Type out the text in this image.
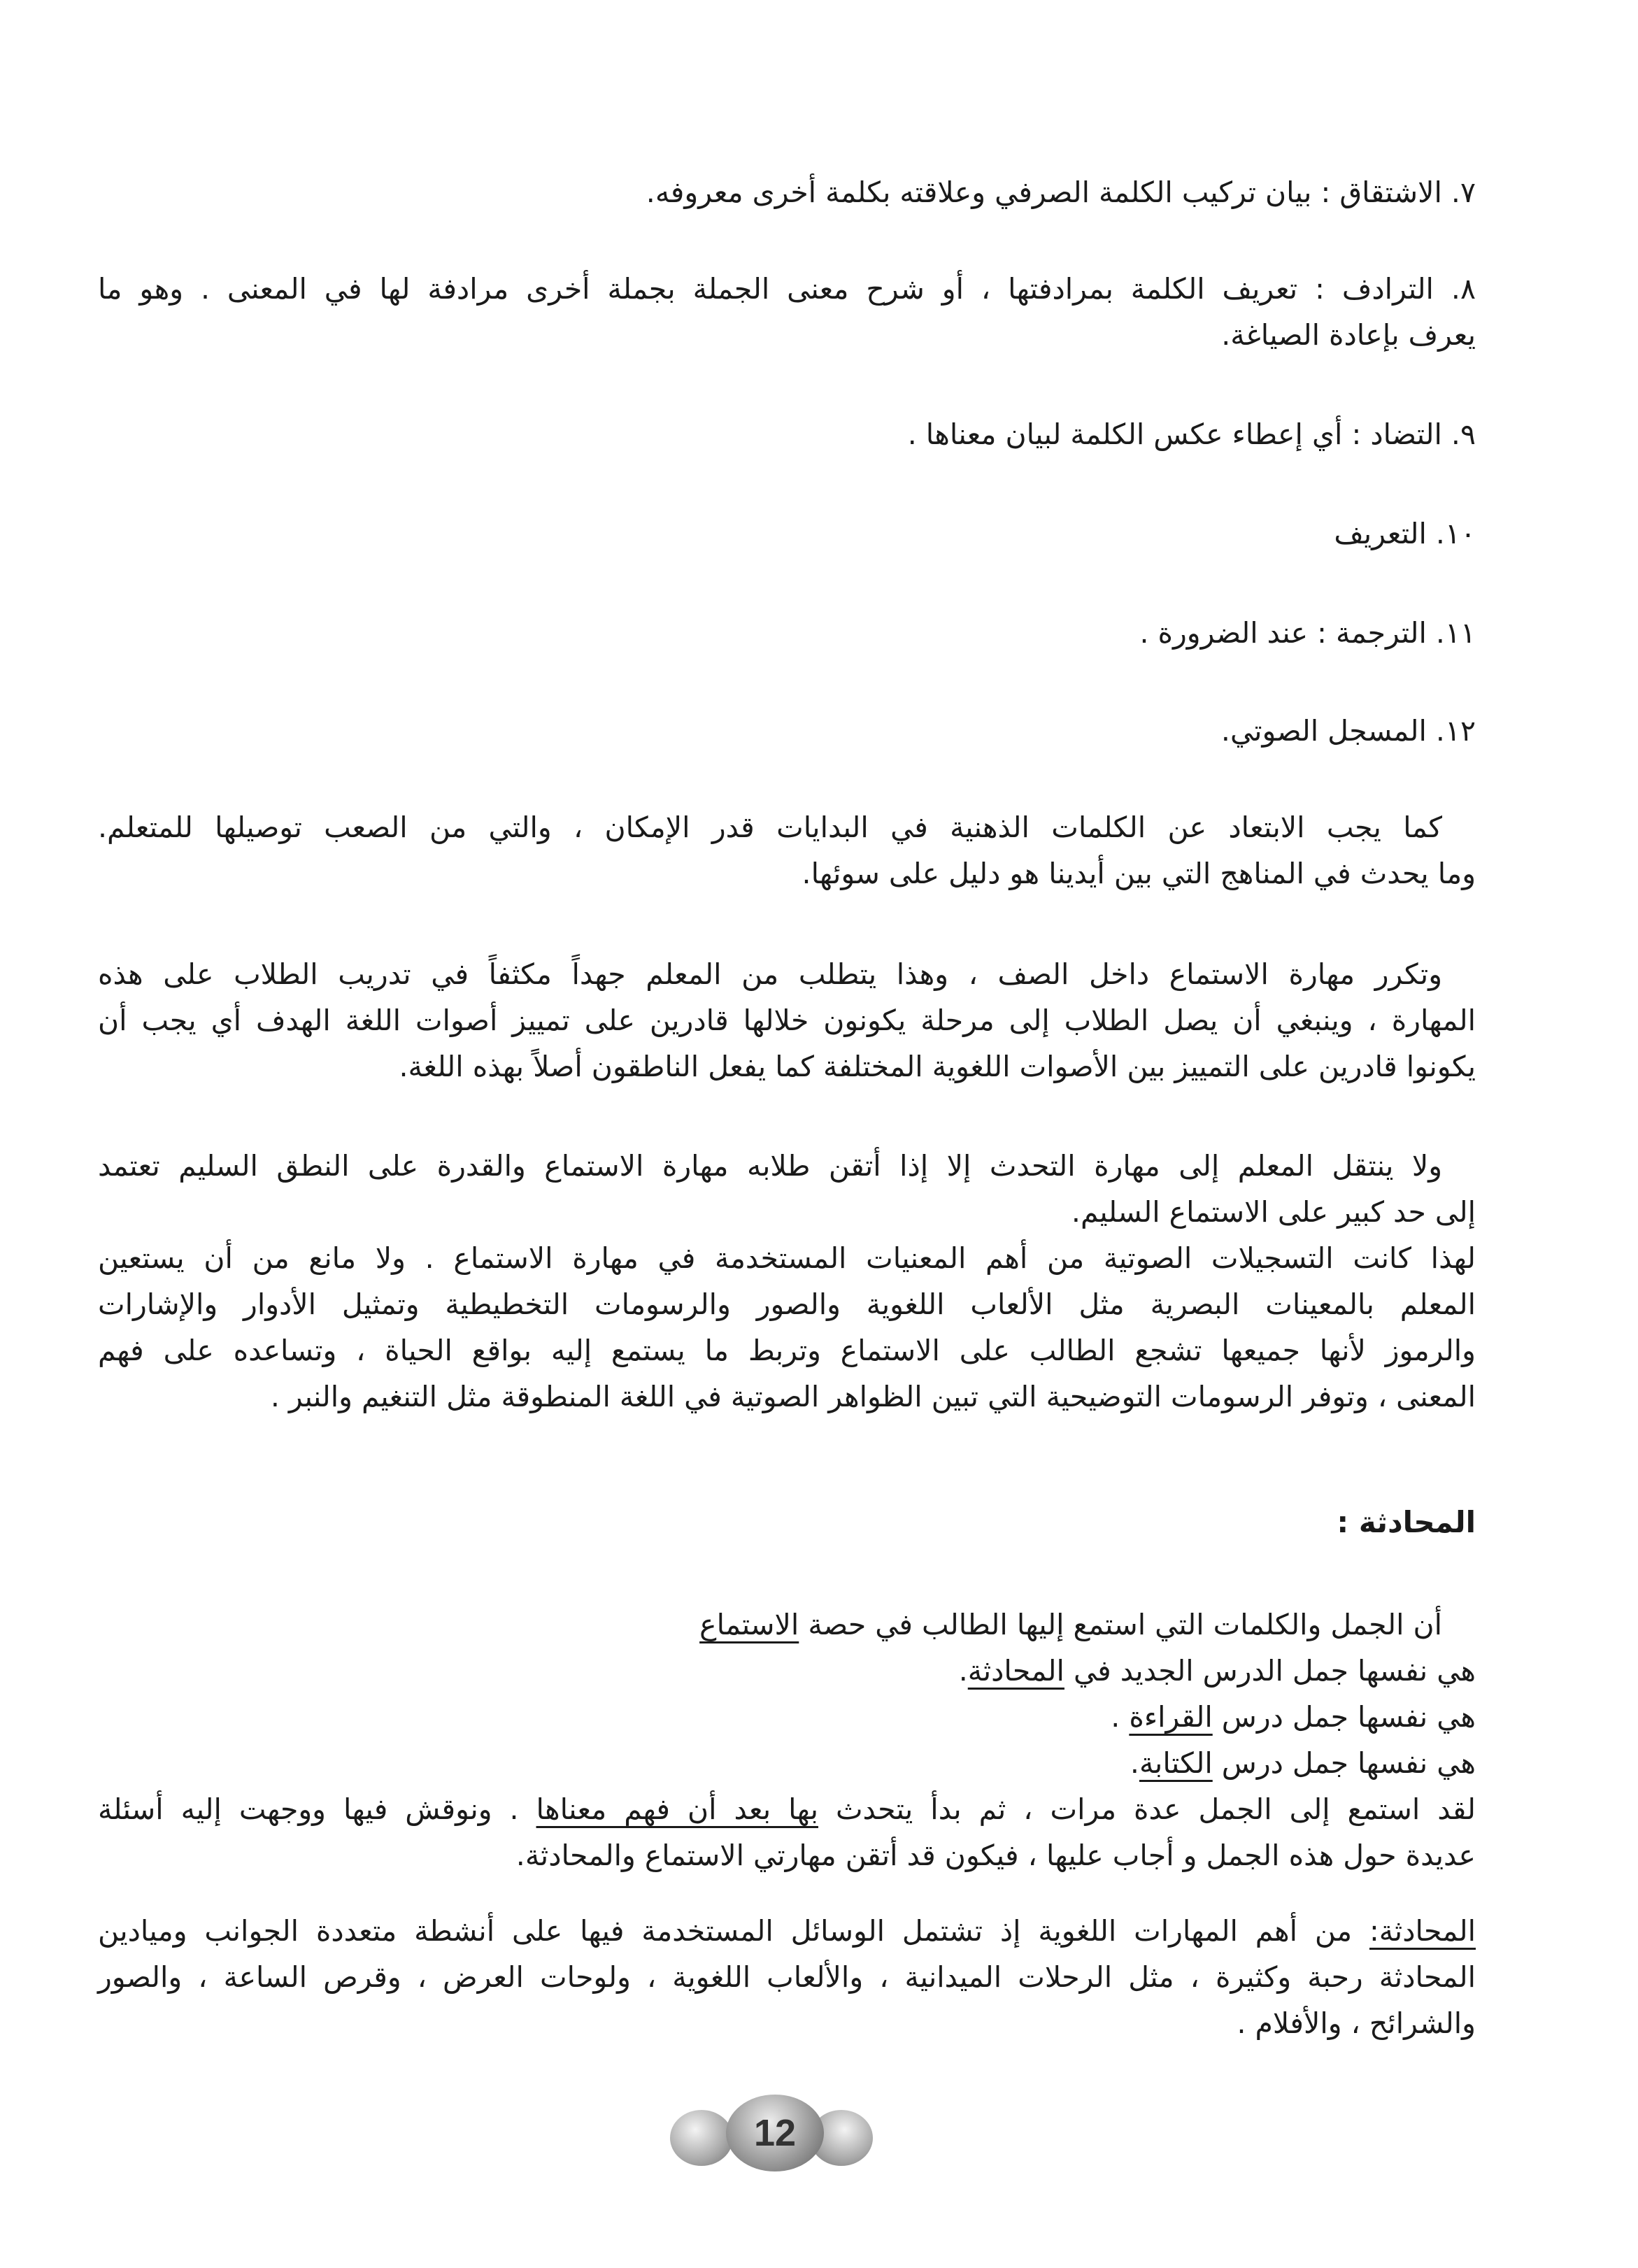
٧. الاشتقاق : بيان تركيب الكلمة الصرفي وعلاقته بكلمة أخرى معروفه.
٨. الترادف : تعريف الكلمة بمرادفتها ، أو شرح معنى الجملة بجملة أخرى مرادفة لها في المعنى . وهو ما
يعرف بإعادة الصياغة.
٩. التضاد : أي إعطاء عكس الكلمة لبيان معناها .
١٠. التعريف
١١. الترجمة : عند الضرورة .
١٢. المسجل الصوتي.
كما يجب الابتعاد عن الكلمات الذهنية في البدايات قدر الإمكان ، والتي من الصعب توصيلها للمتعلم.
وما يحدث في المناهج التي بين أيدينا هو دليل على سوئها.
وتكرر مهارة الاستماع داخل الصف ، وهذا يتطلب من المعلم جهداً مكثفاً في تدريب الطلاب على هذه
المهارة ، وينبغي أن يصل الطلاب إلى مرحلة يكونون خلالها قادرين على تمييز أصوات اللغة الهدف أي يجب أن
يكونوا قادرين على التمييز بين الأصوات اللغوية المختلفة كما يفعل الناطقون أصلاً بهذه اللغة.
ولا ينتقل المعلم إلى مهارة التحدث إلا إذا أتقن طلابه مهارة الاستماع والقدرة على النطق السليم تعتمد
إلى حد كبير على الاستماع السليم.
لهذا كانت التسجيلات الصوتية من أهم المعنيات المستخدمة في مهارة الاستماع . ولا مانع من أن يستعين
المعلم بالمعينات البصرية مثل الألعاب اللغوية والصور والرسومات التخطيطية وتمثيل الأدوار والإشارات
والرموز لأنها جميعها تشجع الطالب على الاستماع وتربط ما يستمع إليه بواقع الحياة ، وتساعده على فهم
المعنى ، وتوفر الرسومات التوضيحية التي تبين الظواهر الصوتية في اللغة المنطوقة مثل التنغيم والنبر .
المحادثة :
أن الجمل والكلمات التي استمع إليها الطالب في حصة الاستماع
هي نفسها جمل الدرس الجديد في المحادثة.
هي نفسها جمل درس القراءة .
هي نفسها جمل درس الكتابة.
لقد استمع إلى الجمل عدة مرات ، ثم بدأ يتحدث بها بعد أن فهم معناها . ونوقش فيها ووجهت إليه أسئلة
عديدة حول هذه الجمل و أجاب عليها ، فيكون قد أتقن مهارتي الاستماع والمحادثة.
المحادثة: من أهم المهارات اللغوية إذ تشتمل الوسائل المستخدمة فيها على أنشطة متعددة الجوانب وميادين
المحادثة رحبة وكثيرة ، مثل الرحلات الميدانية ، والألعاب اللغوية ، ولوحات العرض ، وقرص الساعة ، والصور
والشرائح ، والأفلام .
12
